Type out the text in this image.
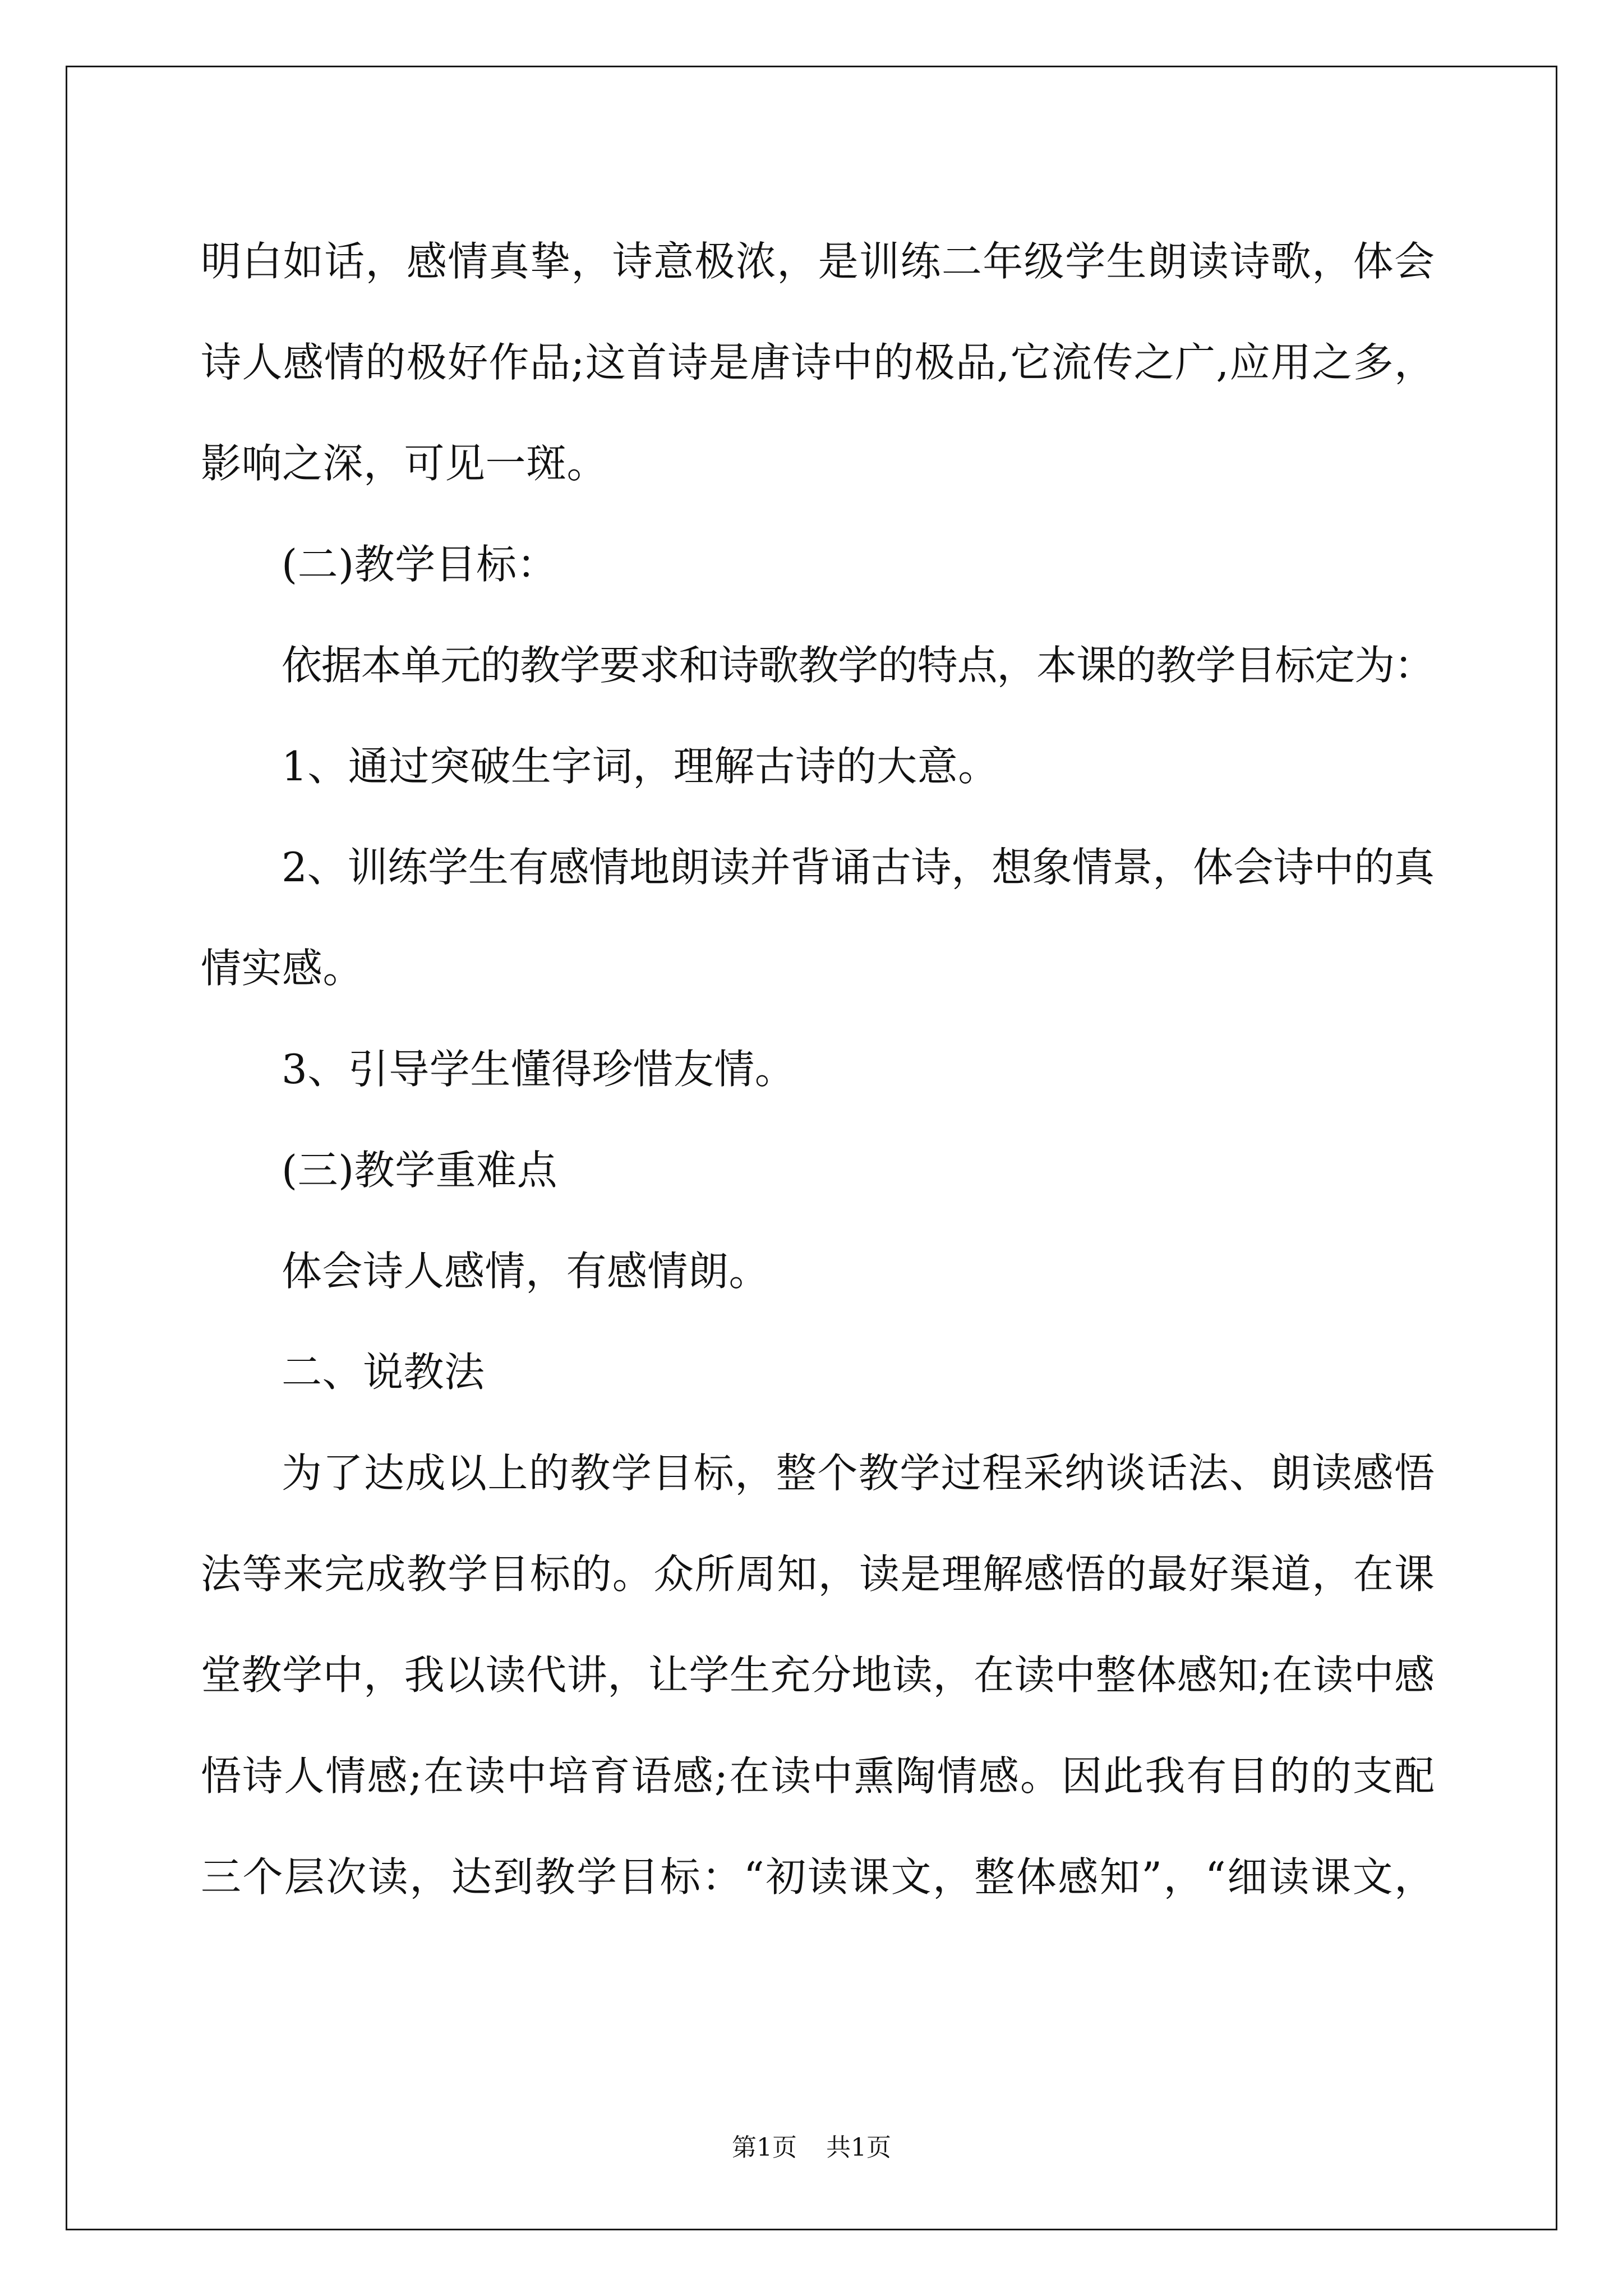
明白如话，感情真挚，诗意极浓，是训练二年级学生朗读诗歌，体会
诗人感情的极好作品;这首诗是唐诗中的极品,它流传之广,应用之多，
影响之深，可见一斑。
(二)教学目标：
依据本单元的教学要求和诗歌教学的特点，本课的教学目标定为：
1、通过突破生字词，理解古诗的大意。
2、训练学生有感情地朗读并背诵古诗，想象情景，体会诗中的真
情实感。
3、引导学生懂得珍惜友情。
(三)教学重难点
体会诗人感情，有感情朗。
二、说教法
为了达成以上的教学目标，整个教学过程采纳谈话法、朗读感悟
法等来完成教学目标的。众所周知，读是理解感悟的最好渠道，在课
堂教学中，我以读代讲，让学生充分地读，在读中整体感知;在读中感
悟诗人情感;在读中培育语感;在读中熏陶情感。因此我有目的的支配
三个层次读，达到教学目标：“初读课文，整体感知”，“细读课文，
第1页 共1页
